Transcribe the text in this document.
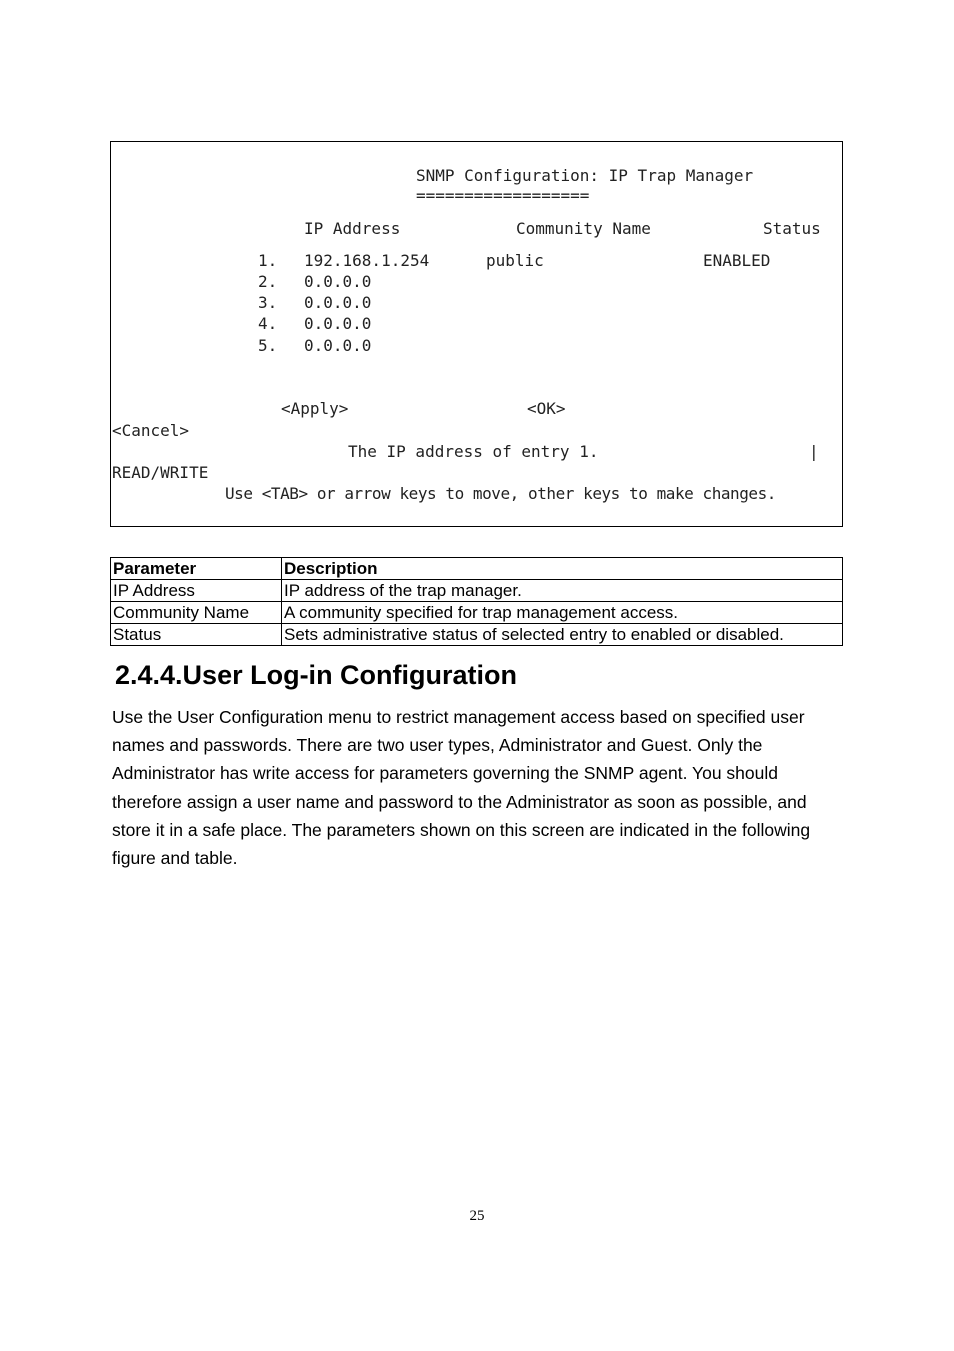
SNMP Configuration: IP Trap Manager
==================
IP Address	Community Name	Status
1. 192.168.1.254	public	ENABLED
2. 0.0.0.0
3. 0.0.0.0
4. 0.0.0.0
5. 0.0.0.0
<Apply>	<OK>
<Cancel>
The IP address of entry 1.	|
READ/WRITE
Use <TAB> or arrow keys to move, other keys to make changes.
Parameter	Description
IP Address	IP address of the trap manager.
Community Name	A community specified for trap management access.
Status	Sets administrative status of selected entry to enabled or disabled.
2.4.4.User Log-in Configuration

Use the User Configuration menu to restrict management access based on specified user names and passwords. There are two user types, Administrator and Guest. Only the Administrator has write access for parameters governing the SNMP agent. You should therefore assign a user name and password to the Administrator as soon as possible, and store it in a safe place. The parameters shown on this screen are indicated in the following figure and table.

25
